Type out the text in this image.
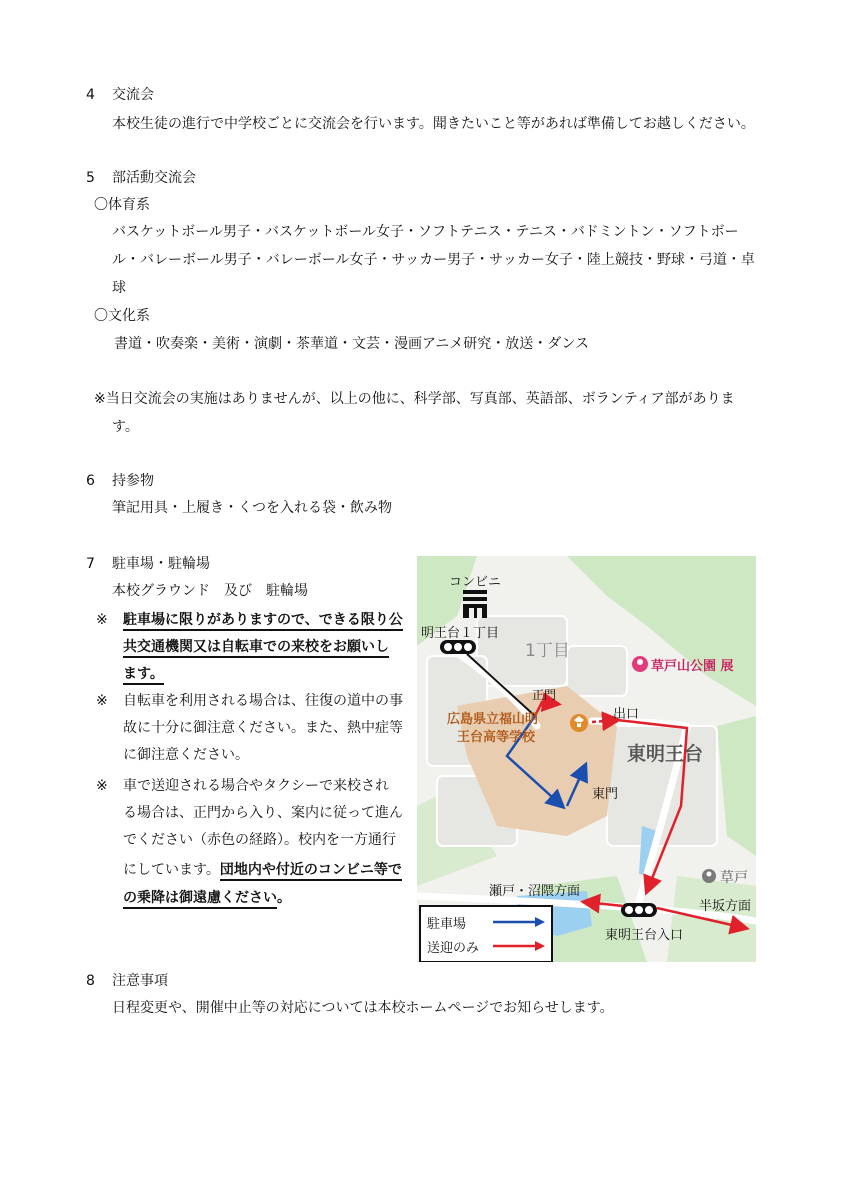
4 交流会
本校生徒の進行で中学校ごとに交流会を行います。聞きたいこと等があれば準備してお越しください。
5 部活動交流会
〇体育系
バスケットボール男子・バスケットボール女子・ソフトテニス・テニス・バドミントン・ソフトボー
ル・バレーボール男子・バレーボール女子・サッカー男子・サッカー女子・陸上競技・野球・弓道・卓
球
〇文化系
書道・吹奏楽・美術・演劇・茶華道・文芸・漫画アニメ研究・放送・ダンス
※当日交流会の実施はありませんが、以上の他に、科学部、写真部、英語部、ボランティア部がありま
す。
6 持参物
筆記用具・上履き・くつを入れる袋・飲み物
7 駐車場・駐輪場
本校グラウンド　及び　駐輪場
※ 駐車場に限りがありますので、できる限り公
共交通機関又は自転車での来校をお願いし
ます。
※ 自転車を利用される場合は、往復の道中の事
故に十分に御注意ください。また、熱中症等
に御注意ください。
※ 車で送迎される場合やタクシーで来校され
る場合は、正門から入り、案内に従って進ん
でください（赤色の経路）。校内を一方通行
にしています。団地内や付近のコンビニ等で
の乗降は御遠慮ください。
コンビニ
明王台１丁目
1丁目
草戸山公園 展
正門
出口
広島県立福山明
王台高等学校
東明王台
東門
草戸
瀬戸・沼隈方面
半坂方面
東明王台入口
駐車場
送迎のみ
8 注意事項
日程変更や、開催中止等の対応については本校ホームページでお知らせします。
